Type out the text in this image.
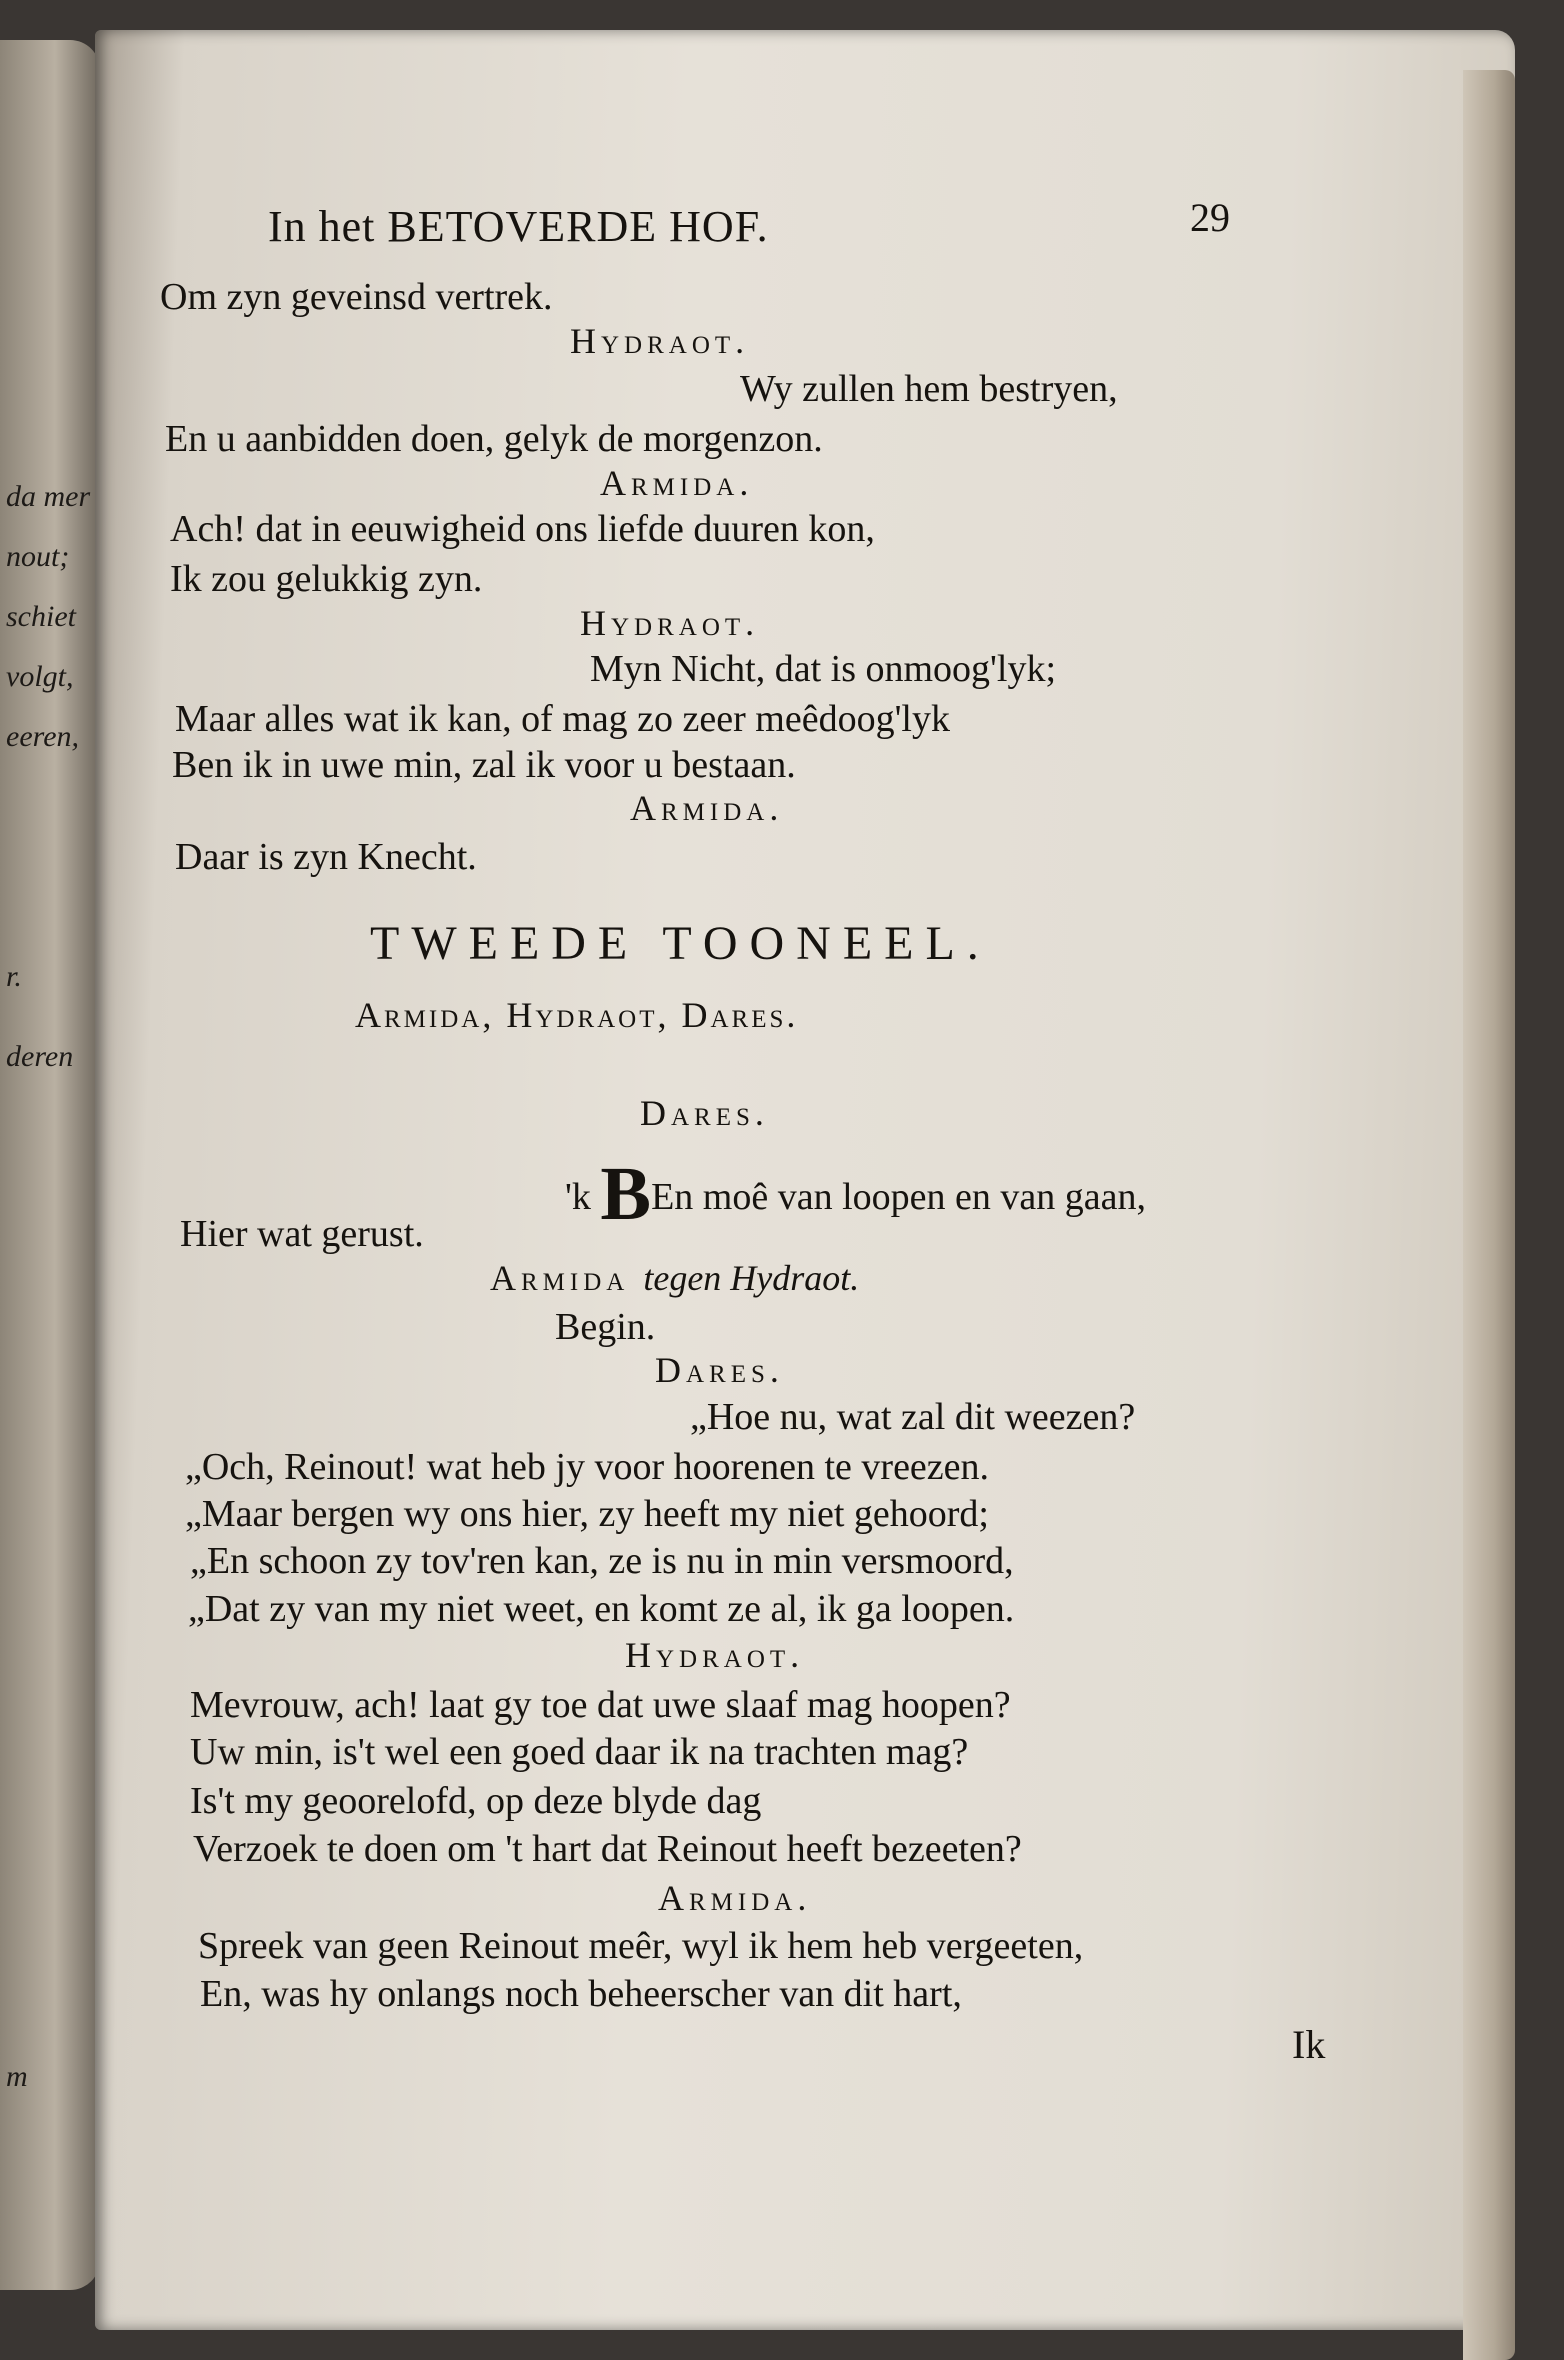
da mer
nout;
schiet
volgt,
eeren,
r.
deren
m
In het BETOVERDE HOF.	29
Om zyn geveinsd vertrek.
Hydraot.
Wy zullen hem bestryen,
En u aanbidden doen, gelyk de morgenzon.
Armida.
Ach! dat in eeuwigheid ons liefde duuren kon,
Ik zou gelukkig zyn.
Hydraot.
Myn Nicht, dat is onmoog'lyk;
Maar alles wat ik kan, of mag zo zeer meêdoog'lyk
Ben ik in uwe min, zal ik voor u bestaan.
Armida.
Daar is zyn Knecht.
TWEEDE TOONEEL.
Armida, Hydraot, Dares.
Dares.
'k BEn moê van loopen en van gaan,
Hier wat gerust.
Armida tegen Hydraot.
Begin.
Dares.
„Hoe nu, wat zal dit weezen?
„Och, Reinout! wat heb jy voor hoorenen te vreezen.
„Maar bergen wy ons hier, zy heeft my niet gehoord;
„En schoon zy tov'ren kan, ze is nu in min versmoord,
„Dat zy van my niet weet, en komt ze al, ik ga loopen.
Hydraot.
Mevrouw, ach! laat gy toe dat uwe slaaf mag hoopen?
Uw min, is't wel een goed daar ik na trachten mag?
Is't my geoorelofd, op deze blyde dag
Verzoek te doen om 't hart dat Reinout heeft bezeeten?
Armida.
Spreek van geen Reinout meêr, wyl ik hem heb vergeeten,
En, was hy onlangs noch beheerscher van dit hart,
Ik
